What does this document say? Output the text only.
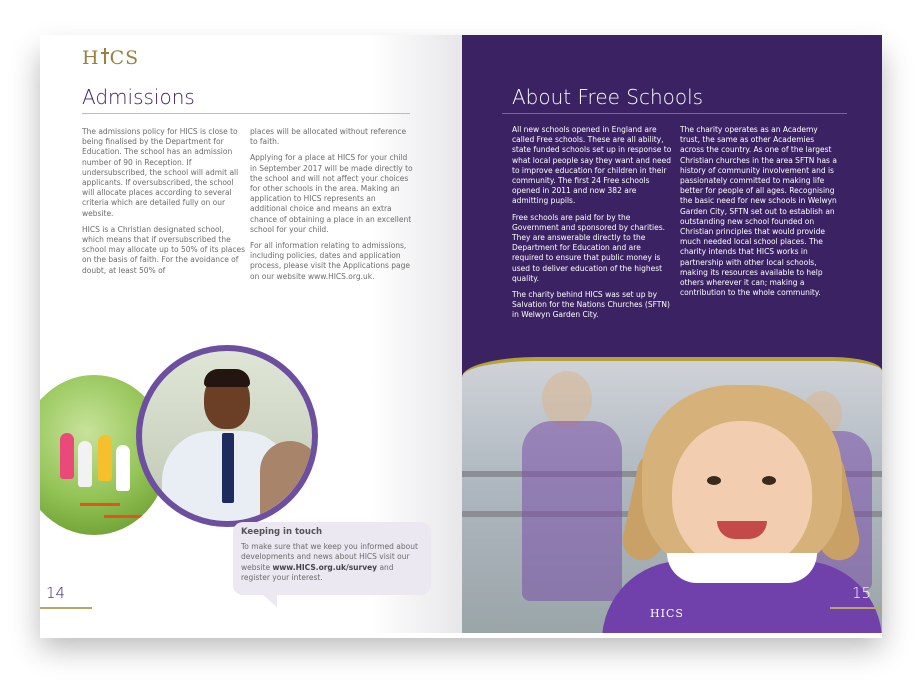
H CS
Admissions

The admissions policy for HICS is close to being finalised by the Department for Education. The school has an admission number of 90 in Reception. If undersubscribed, the school will admit all applicants. If oversubscribed, the school will allocate places according to several criteria which are detailed fully on our website.

HICS is a Christian designated school, which means that if oversubscribed the school may allocate up to 50% of its places on the basis of faith. For the avoidance of doubt, at least 50% of

places will be allocated without reference to faith.

Applying for a place at HICS for your child in September 2017 will be made directly to the school and will not affect your choices for other schools in the area. Making an application to HICS represents an additional choice and means an extra chance of obtaining a place in an excellent school for your child.

For all information relating to admissions, including policies, dates and application process, please visit the Applications page on our website www.HICS.org.uk.

Keeping in touch
To make sure that we keep you informed about developments and news about HICS visit our website www.HICS.org.uk/survey and register your interest.
14
About Free Schools

All new schools opened in England are called Free schools. These are all ability, state funded schools set up in response to what local people say they want and need to improve education for children in their community. The first 24 Free schools opened in 2011 and now 382 are admitting pupils.

Free schools are paid for by the Government and sponsored by charities. They are answerable directly to the Department for Education and are required to ensure that public money is used to deliver education of the highest quality.

The charity behind HICS was set up by Salvation for the Nations Churches (SFTN) in Welwyn Garden City.

The charity operates as an Academy trust, the same as other Academies across the country. As one of the largest Christian churches in the area SFTN has a history of community involvement and is passionately committed to making life better for people of all ages. Recognising the basic need for new schools in Welwyn Garden City, SFTN set out to establish an outstanding new school founded on Christian principles that would provide much needed local school places. The charity intends that HICS works in partnership with other local schools, making its resources available to help others wherever it can; making a contribution to the whole community.

HICS
15
